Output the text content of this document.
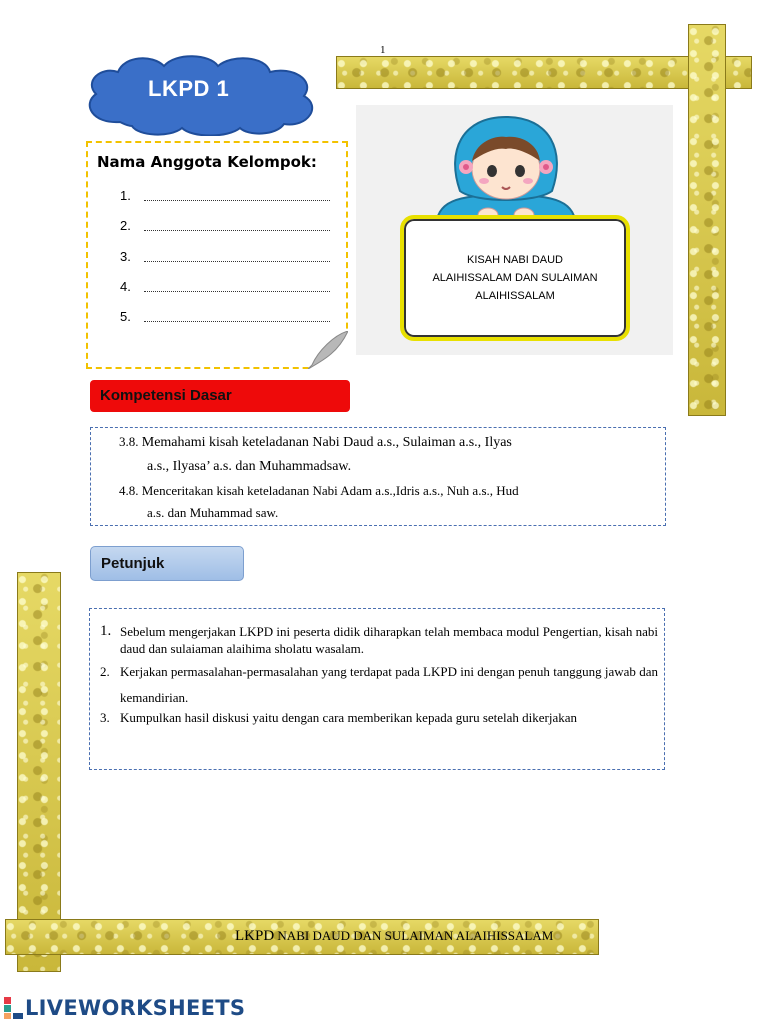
1
LKPD 1
Nama Anggota Kelompok:
1.
2.
3.
4.
5.
KISAH NABI DAUD
ALAIHISSALAM DAN SULAIMAN
ALAIHISSALAM
Kompetensi Dasar
3.8. Memahami kisah keteladanan Nabi Daud a.s., Sulaiman a.s., Ilyas
a.s., Ilyasa’ a.s. dan Muhammadsaw.
4.8. Menceritakan kisah keteladanan Nabi Adam a.s.,Idris a.s., Nuh a.s., Hud
a.s. dan Muhammad saw.
Petunjuk
1. Sebelum mengerjakan LKPD ini peserta didik diharapkan telah membaca modul Pengertian, kisah nabi daud dan sulaiaman alaihima sholatu wasalam.
2. Kerjakan permasalahan-permasalahan yang terdapat pada LKPD ini dengan penuh tanggung jawab dan kemandirian.
3. Kumpulkan hasil diskusi yaitu dengan cara memberikan kepada guru setelah dikerjakan
LKPD NABI DAUD DAN SULAIMAN ALAIHISSALAM
LIVEWORKSHEETS
